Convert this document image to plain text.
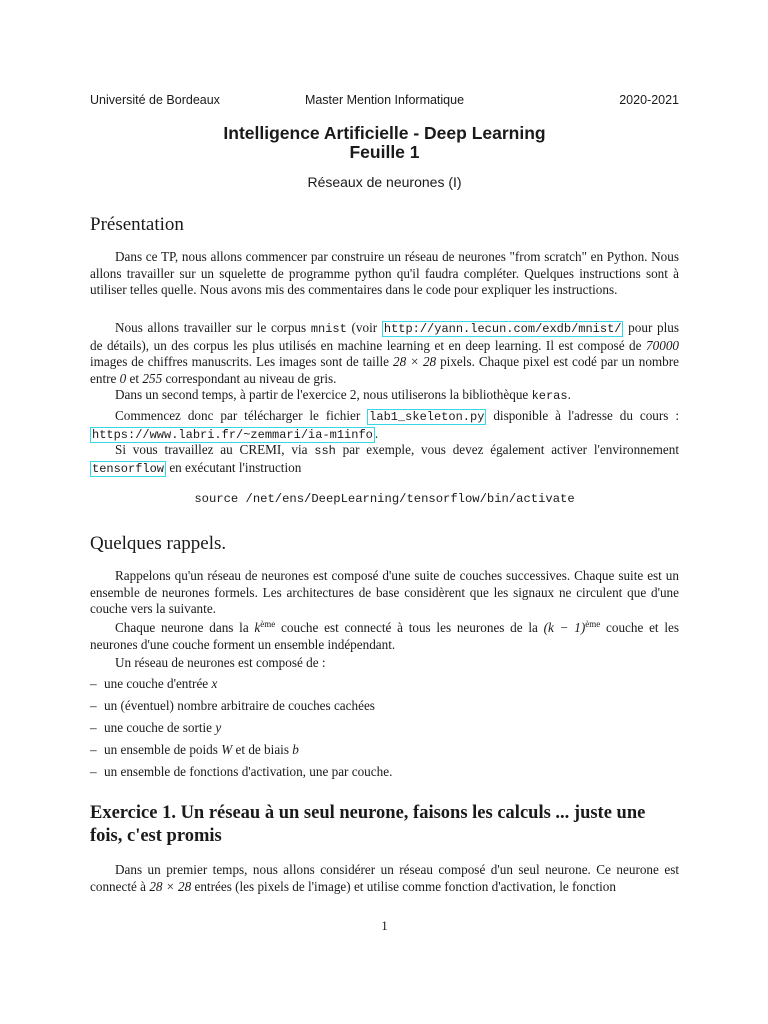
Université de Bordeaux	Master Mention Informatique	2020-2021
Intelligence Artificielle - Deep Learning
Feuille 1
Réseaux de neurones (I)
Présentation

Dans ce TP, nous allons commencer par construire un réseau de neurones "from scratch" en Python. Nous allons travailler sur un squelette de programme python qu'il faudra compléter. Quelques instructions sont à utiliser telles quelle. Nous avons mis des commentaires dans le code pour expliquer les instructions.

Nous allons travailler sur le corpus mnist (voir http://yann.lecun.com/exdb/mnist/ pour plus de détails), un des corpus les plus utilisés en machine learning et en deep learning. Il est composé de 70000 images de chiffres manuscrits. Les images sont de taille 28 × 28 pixels. Chaque pixel est codé par un nombre entre 0 et 255 correspondant au niveau de gris.

Dans un second temps, à partir de l'exercice 2, nous utiliserons la bibliothèque keras.

Commencez donc par télécharger le fichier lab1_skeleton.py disponible à l'adresse du cours : https://www.labri.fr/~zemmari/ia-m1info .

Si vous travaillez au CREMI, via ssh par exemple, vous devez également activer l'environnement tensorflow en exécutant l'instruction

source /net/ens/DeepLearning/tensorflow/bin/activate
Quelques rappels.

Rappelons qu'un réseau de neurones est composé d'une suite de couches successives. Chaque suite est un ensemble de neurones formels. Les architectures de base considèrent que les signaux ne circulent que d'une couche vers la suivante.

Chaque neurone dans la $k^{ème}$ couche est connecté à tous les neurones de la $(k - 1)^{ème}$ couche et les neurones d'une couche forment un ensemble indépendant.

Un réseau de neurones est composé de :

– une couche d'entrée x
– un (éventuel) nombre arbitraire de couches cachées
– une couche de sortie y
– un ensemble de poids W et de biais b
– un ensemble de fonctions d'activation, une par couche.
Exercice 1. Un réseau à un seul neurone, faisons les calculs ... juste une fois, c'est promis

Dans un premier temps, nous allons considérer un réseau composé d'un seul neurone. Ce neurone est connecté à 28 × 28 entrées (les pixels de l'image) et utilise comme fonction d'activation, le fonction

1
